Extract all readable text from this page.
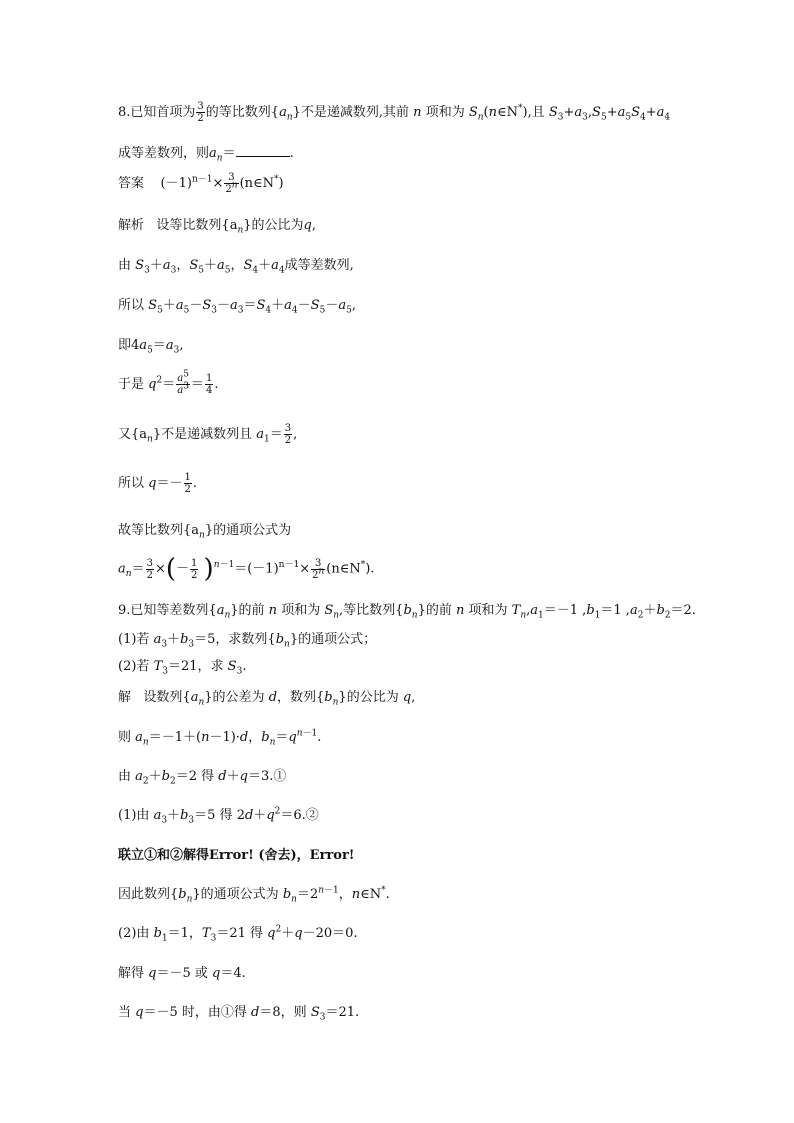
8.已知首项为 $\frac{3}{2}$ 的等比数列$\{a_n\}$不是递减数列,其前 n 项和为 $S_n(n\in N^*)$,且 $S_3+a_3,S_5+a_5S_4+a_4$
成等差数列，则$a_n=$	.
答案 $(-1)^{n-1}\times \frac{3}{2^n}$ (n∈N*)
解析 设等比数列$\{a_n\}$的公比为q,
由 $S_3+a_3$，$S_5+a_5$，$S_4+a_4$成等差数列,
所以 $S_5+a_5-S_3-a_3=S_4+a_4-S_5-a_5$,
即$4a_5=a_3$,
于是 $q^2= \frac{a^5}{a^3} = \frac{1}{4}$ .
又$\{a_n\}$不是递减数列且 $a_1= \frac{3}{2}$ ,
所以 $q=- \frac{1}{2}$ .
故等比数列$\{a_n\}$的通项公式为
$a_n= \frac{3}{2}$ ×(－ $\frac{1}{2} )^{n-1}=(-1)^{n-1}\times \frac{3}{2^n}$ (n∈N*).
9.已知等差数列$\{a_n\}$的前 n 项和为 $S_n$,等比数列$\{b_n\}$的前 n 项和为 $T_n,a_1=-1$ $,b_1=1$ $,a_2+b_2=2$.
(1)若 $a_3+b_3=5$，求数列$\{b_n\}$的通项公式；
(2)若 $T_3=21$，求 $S_3$.
解 设数列$\{a_n\}$的公差为 d，数列$\{b_n\}$的公比为 q,
则 $a_n=-1+(n-1)\cdot d$，$b_n=q^{n-1}$.
由 $a_2+b_2=2$ 得 d＋q＝3.①
(1)由 $a_3+b_3=5$ 得 $2d+q^2=6.②$
联立①和②解得Error! (舍去)，Error!
因此数列$\{b_n\}$的通项公式为 $b_n=2^{n-1}$，n∈N*.
(2)由 $b_1=1$，$T_3=21$ 得 $q^2+q-20=0$.
解得 q＝－5 或 q＝4.
当 q＝－5 时，由①得 d＝8，则 $S_3=21$.
